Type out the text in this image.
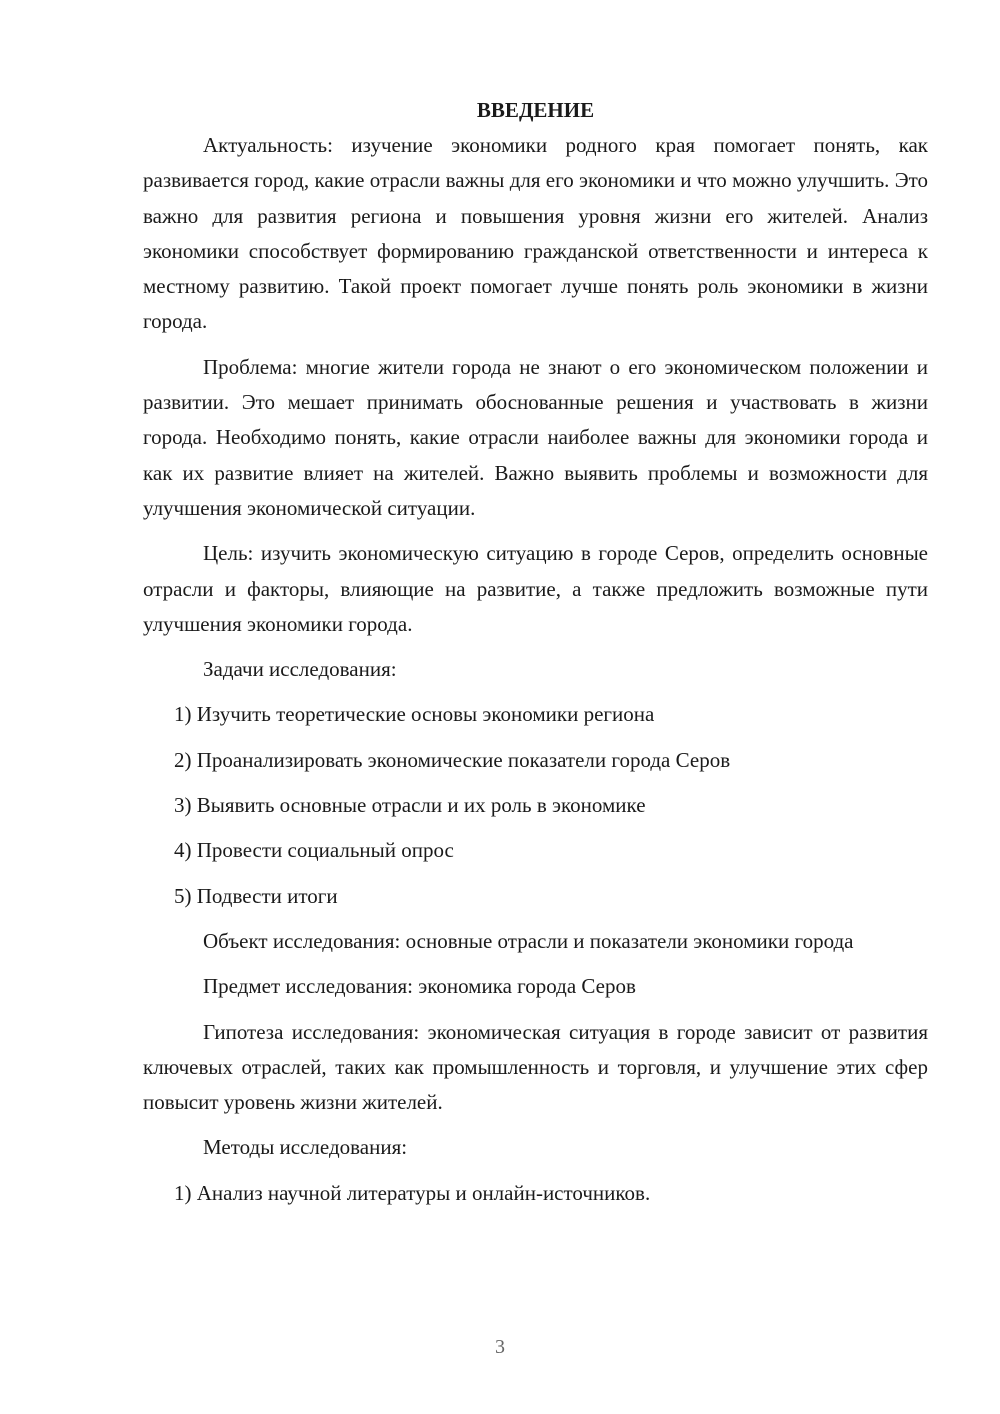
ВВЕДЕНИЕ

Актуальность: изучение экономики родного края помогает понять, как развивается город, какие отрасли важны для его экономики и что можно улучшить. Это важно для развития региона и повышения уровня жизни его жителей. Анализ экономики способствует формированию гражданской ответственности и интереса к местному развитию. Такой проект помогает лучше понять роль экономики в жизни города.

Проблема: многие жители города не знают о его экономическом положении и развитии. Это мешает принимать обоснованные решения и участвовать в жизни города. Необходимо понять, какие отрасли наиболее важны для экономики города и как их развитие влияет на жителей. Важно выявить проблемы и возможности для улучшения экономической ситуации.

Цель: изучить экономическую ситуацию в городе Серов, определить основные отрасли и факторы, влияющие на развитие, а также предложить возможные пути улучшения экономики города.

Задачи исследования:

1) Изучить теоретические основы экономики региона
2) Проанализировать экономические показатели города Серов
3) Выявить основные отрасли и их роль в экономике
4) Провести социальный опрос
5) Подвести итоги

Объект исследования: основные отрасли и показатели экономики города

Предмет исследования: экономика города Серов

Гипотеза исследования: экономическая ситуация в городе зависит от развития ключевых отраслей, таких как промышленность и торговля, и улучшение этих сфер повысит уровень жизни жителей.

Методы исследования:

1) Анализ научной литературы и онлайн-источников.
3
